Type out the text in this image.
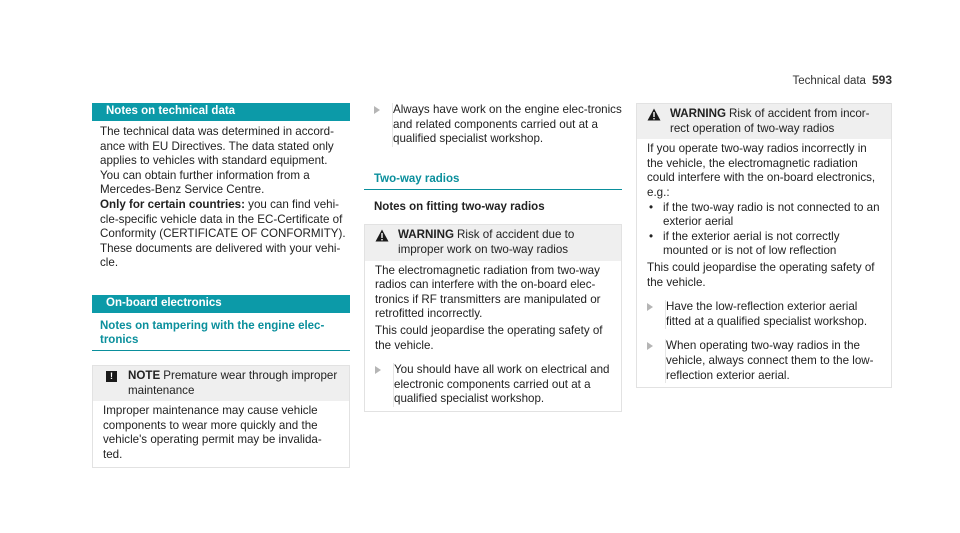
Technical data 593
Notes on technical data

The technical data was determined in accord-ance with EU Directives. The data stated only applies to vehicles with standard equipment. You can obtain further information from a Mercedes-Benz Service Centre.

Only for certain countries: you can find vehi-cle-specific vehicle data in the EC-Certificate of Conformity (CERTIFICATE OF CONFORMITY). These documents are delivered with your vehi-cle.

On-board electronics
Notes on tampering with the engine elec-tronics
!	NOTE Premature wear through improper maintenance
Improper maintenance may cause vehicle components to wear more quickly and the vehicle's operating permit may be invalida-ted.
Always have work on the engine elec-tronics and related components carried out at a qualified specialist workshop.
Two-way radios
Notes on fitting two-way radios
WARNING Risk of accident due to improper work on two-way radios

The electromagnetic radiation from two-way radios can interfere with the on-board elec-tronics if RF transmitters are manipulated or retrofitted incorrectly.

This could jeopardise the operating safety of the vehicle.

You should have all work on electrical and electronic components carried out at a qualified specialist workshop.
WARNING Risk of accident from incor-rect operation of two-way radios

If you operate two-way radios incorrectly in the vehicle, the electromagnetic radiation could interfere with the on-board electronics, e.g.:

• if the two-way radio is not connected to an exterior aerial
• if the exterior aerial is not correctly mounted or is not of low reflection

This could jeopardise the operating safety of the vehicle.

Have the low-reflection exterior aerial fitted at a qualified specialist workshop.
When operating two-way radios in the vehicle, always connect them to the low-reflection exterior aerial.
